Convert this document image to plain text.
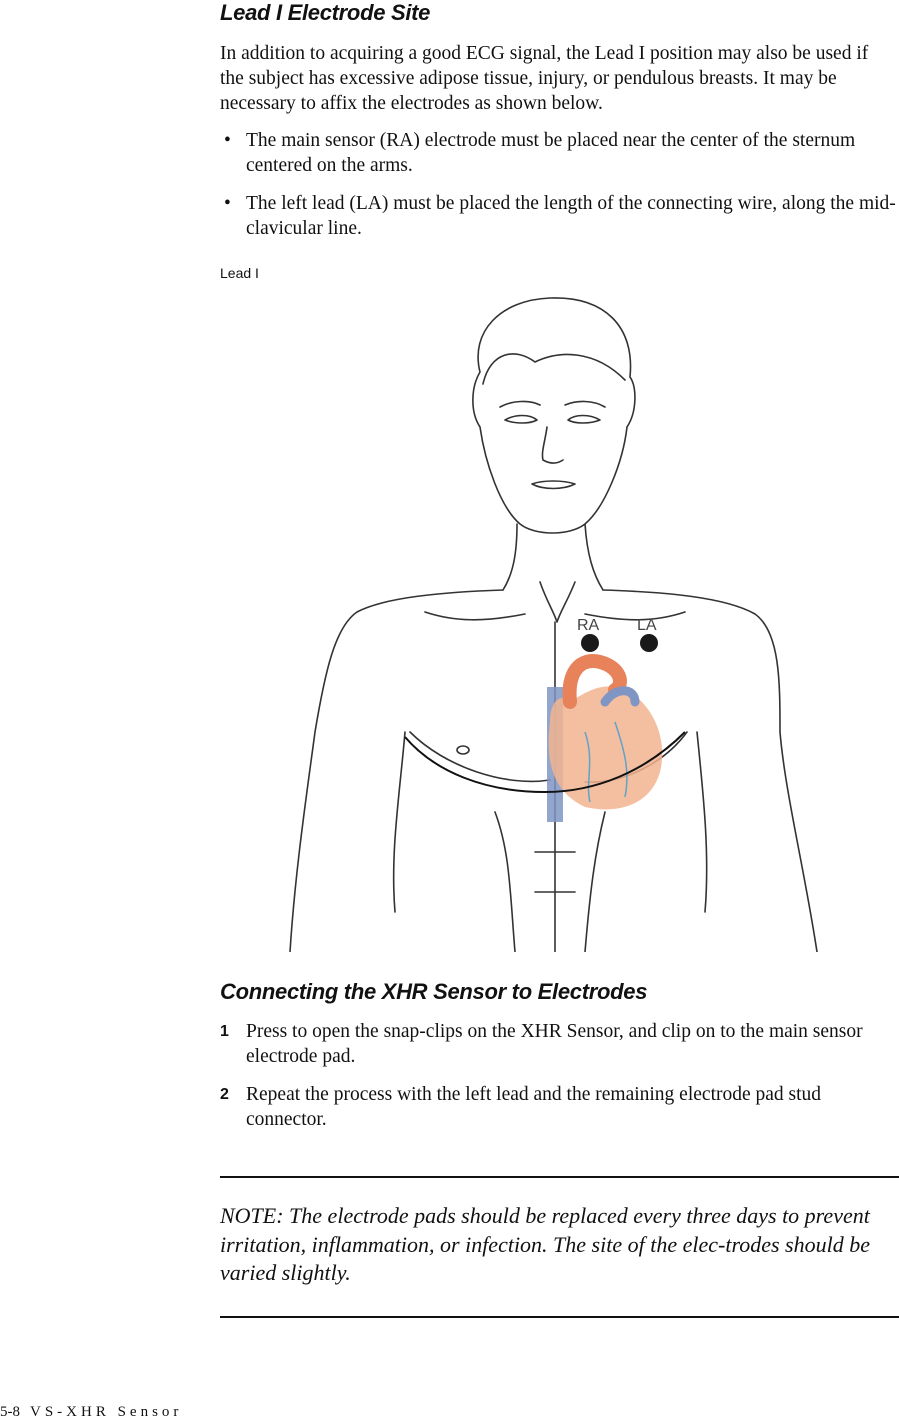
Lead I Electrode Site

In addition to acquiring a good ECG signal, the Lead I position may also be used if the subject has excessive adipose tissue, injury, or pendulous breasts. It may be necessary to affix the electrodes as shown below.

• The main sensor (RA) electrode must be placed near the center of the sternum centered on the arms.
• The left lead (LA) must be placed the length of the connecting wire, along the mid-clavicular line.
Lead I
Connecting the XHR Sensor to Electrodes
1 Press to open the snap-clips on the XHR Sensor, and clip on to the main sensor electrode pad.
2 Repeat the process with the left lead and the remaining electrode pad stud connector.

NOTE: The electrode pads should be replaced every three days to prevent irritation, inflammation, or infection. The site of the elec-trodes should be varied slightly.

RA LA
5-8 VS-XHR Sensor
